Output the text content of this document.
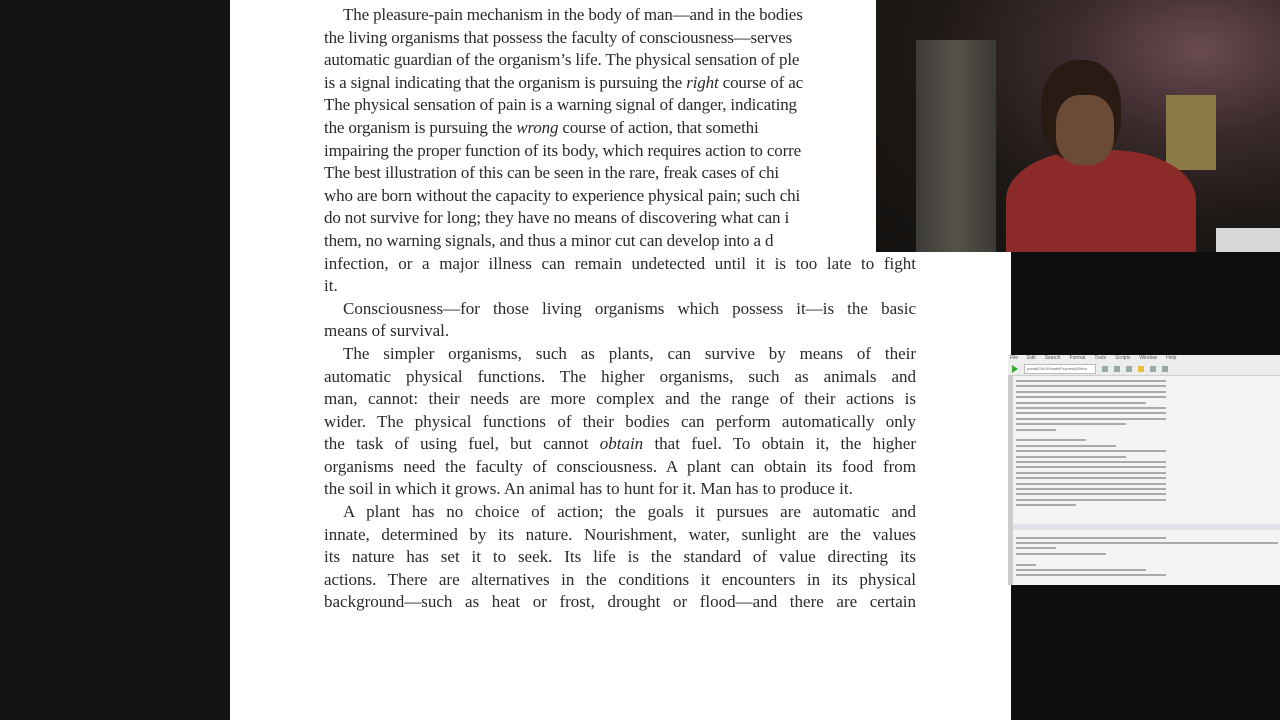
The pleasure-pain mechanism in the body of man—and in the bodies
the living organisms that possess the faculty of consciousness—serves
automatic guardian of the organism’s life. The physical sensation of ple
is a signal indicating that the organism is pursuing the right course of ac
The physical sensation of pain is a warning signal of danger, indicating
the organism is pursuing the wrong course of action, that somethi
impairing the proper function of its body, which requires action to corre
The best illustration of this can be seen in the rare, freak cases of chi
who are born without the capacity to experience physical pain; such chi
do not survive for long; they have no means of discovering what can i
them, no warning signals, and thus a minor cut can develop into a d
infection, or a major illness can remain undetected until it is too late to fight
it.
Consciousness—for those living organisms which possess it—is the basic
means of survival.
The simpler organisms, such as plants, can survive by means of their
automatic physical functions. The higher organisms, such as animals and
man, cannot: their needs are more complex and the range of their actions is
wider. The physical functions of their bodies can perform automatically only
the task of using fuel, but cannot obtain that fuel. To obtain it, the higher
organisms need the faculty of consciousness. A plant can obtain its food from
the soil in which it grows. An animal has to hunt for it. Man has to produce it.
A plant has no choice of action; the goals it pursues are automatic and
innate, determined by its nature. Nourishment, water, sunlight are the values
its nature has set it to seek. Its life is the standard of value directing its
actions. There are alternatives in the conditions it encounters in its physical
background—such as heat or frost, drought or flood—and there are certain
File Edit Search Format Tools Scripts Window Help
portal\Ch4\Private\Property\Ethics
